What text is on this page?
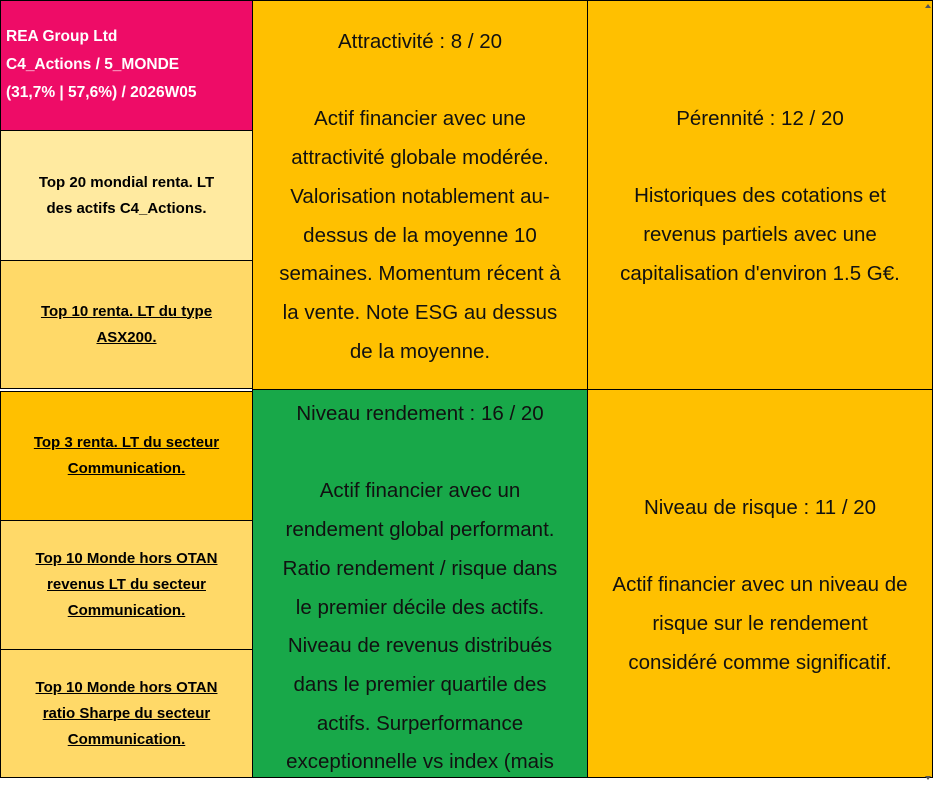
REA Group Ltd
C4_Actions / 5_MONDE
(31,7% | 57,6%) / 2026W05
Top 20 mondial renta. LT
des actifs C4_Actions.
Top 10 renta. LT du type
ASX200.
Top 3 renta. LT du secteur
Communication.
Top 10 Monde hors OTAN
revenus LT du secteur
Communication.
Top 10 Monde hors OTAN
ratio Sharpe du secteur
Communication.
Attractivité : 8 / 20
Actif financier avec une
attractivité globale modérée.
Valorisation notablement au-
dessus de la moyenne 10
semaines. Momentum récent à
la vente. Note ESG au dessus
de la moyenne.
Pérennité : 12 / 20
Historiques des cotations et
revenus partiels avec une
capitalisation d'environ 1.5 G€.
Niveau rendement : 16 / 20
Actif financier avec un
rendement global performant.
Ratio rendement / risque dans
le premier décile des actifs.
Niveau de revenus distribués
dans le premier quartile des
actifs. Surperformance
exceptionnelle vs index (mais
Niveau de risque : 11 / 20
Actif financier avec un niveau de
risque sur le rendement
considéré comme significatif.
